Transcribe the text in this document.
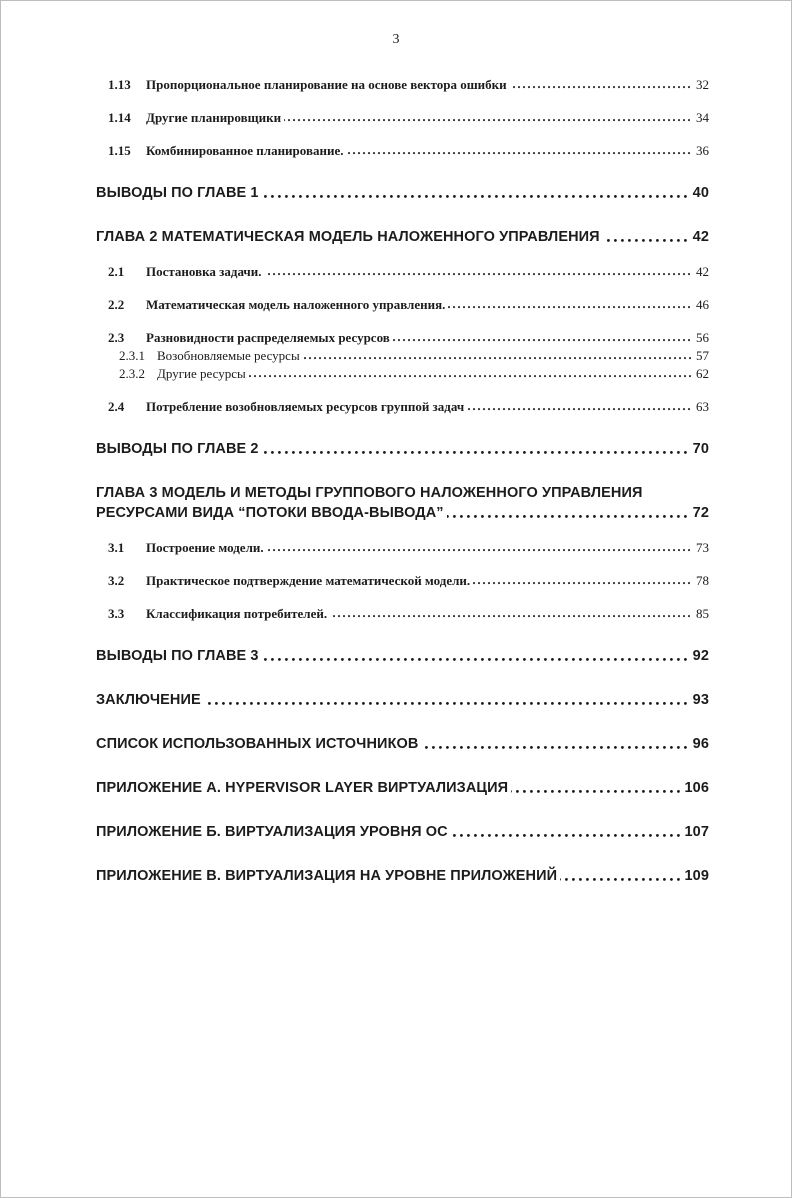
3
1.13 Пропорциональное планирование на основе вектора ошибки	32
1.14 Другие планировщики	34
1.15 Комбинированное планирование.	36
ВЫВОДЫ ПО ГЛАВЕ 1	40
ГЛАВА 2 МАТЕМАТИЧЕСКАЯ МОДЕЛЬ НАЛОЖЕННОГО УПРАВЛЕНИЯ	42
2.1 Постановка задачи.	42
2.2 Математическая модель наложенного управления.	46
2.3 Разновидности распределяемых ресурсов	56
2.3.1 Возобновляемые ресурсы	57
2.3.2 Другие ресурсы	62
2.4 Потребление возобновляемых ресурсов группой задач	63
ВЫВОДЫ ПО ГЛАВЕ 2	70
ГЛАВА 3 МОДЕЛЬ И МЕТОДЫ ГРУППОВОГО НАЛОЖЕННОГО УПРАВЛЕНИЯ РЕСУРСАМИ ВИДА “ПОТОКИ ВВОДА-ВЫВОДА”	72
3.1 Построение модели.	73
3.2 Практическое подтверждение математической модели.	78
3.3 Классификация потребителей.	85
ВЫВОДЫ ПО ГЛАВЕ 3	92
ЗАКЛЮЧЕНИЕ	93
СПИСОК ИСПОЛЬЗОВАННЫХ ИСТОЧНИКОВ	96
ПРИЛОЖЕНИЕ А. HYPERVISOR LAYER ВИРТУАЛИЗАЦИЯ	106
ПРИЛОЖЕНИЕ Б. ВИРТУАЛИЗАЦИЯ УРОВНЯ ОС	107
ПРИЛОЖЕНИЕ В. ВИРТУАЛИЗАЦИЯ НА УРОВНЕ ПРИЛОЖЕНИЙ	109
